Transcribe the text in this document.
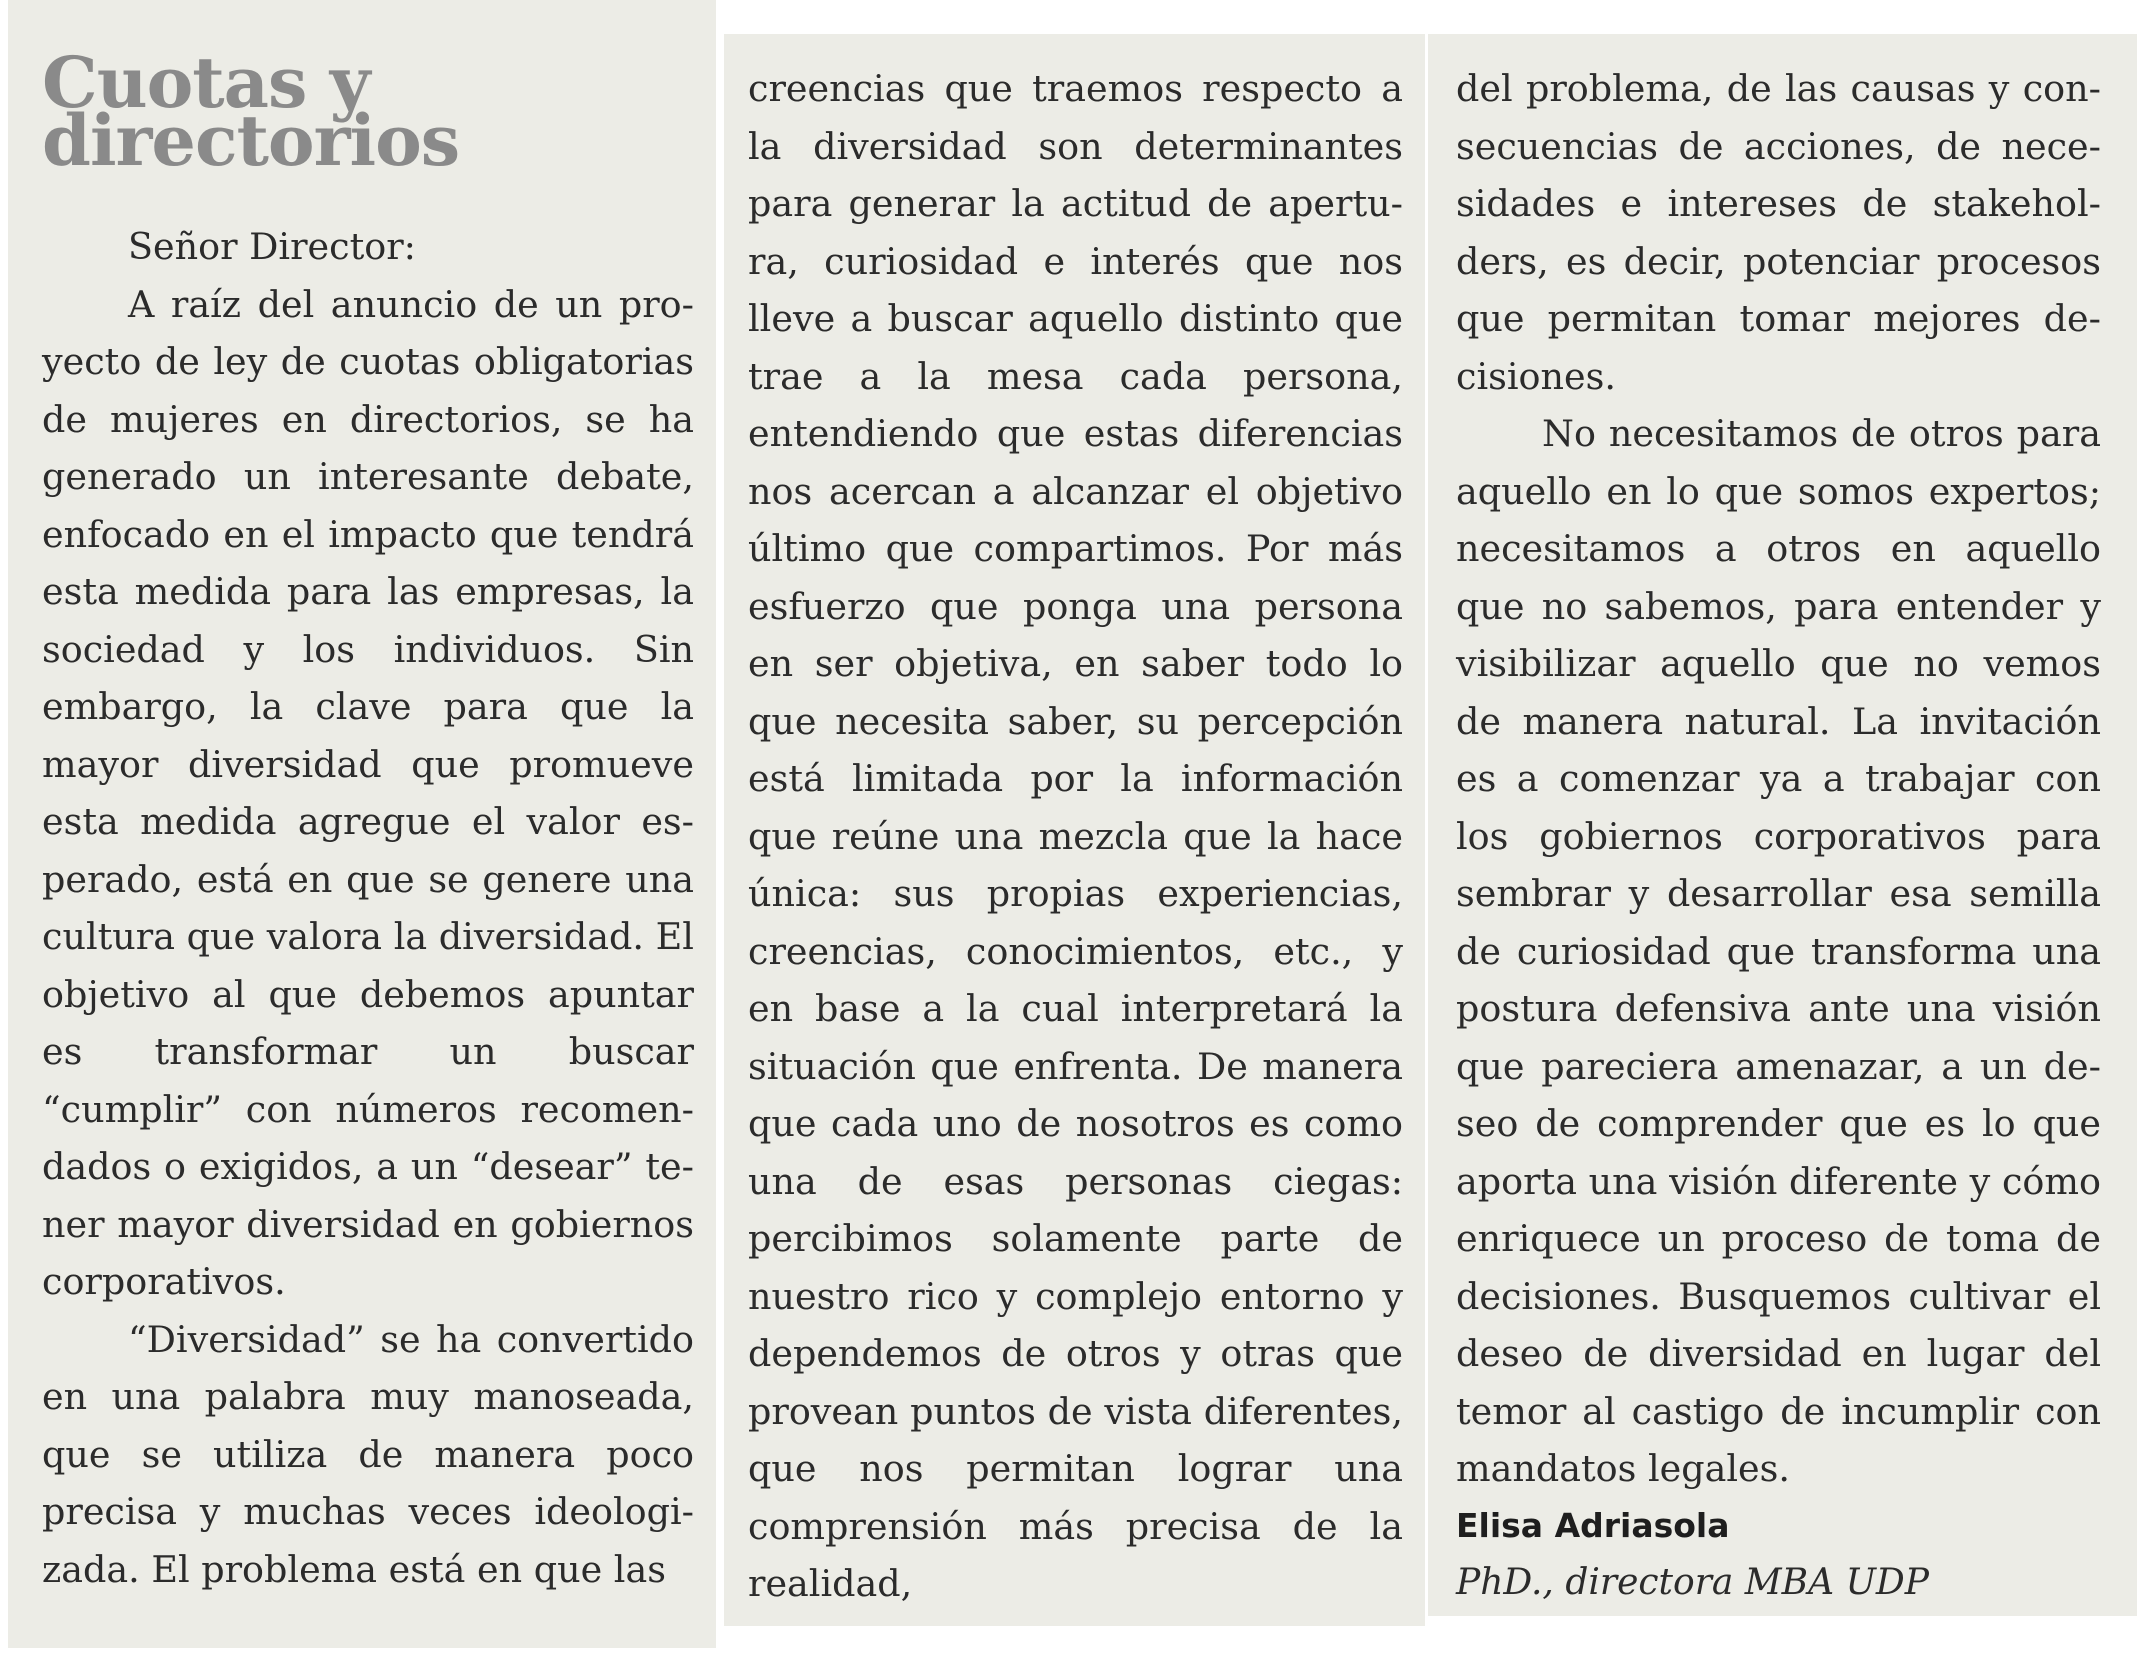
Cuotas y directorios

Señor Director:

A raíz del anuncio de un proyecto de ley de cuotas obligatorias de mujeres en directorios, se ha generado un interesante debate, enfocado en el impacto que tendrá esta medida para las empresas, la sociedad y los individuos. Sin embargo, la clave para que la mayor diversidad que promueve esta medida agregue el valor esperado, está en que se genere una cultura que valora la diversidad. El objetivo al que debemos apuntar es transformar un buscar “cumplir” con números recomendados o exigidos, a un “desear” tener mayor diversidad en gobiernos corporativos.

“Diversidad” se ha convertido en una palabra muy manoseada, que se utiliza de manera poco precisa y muchas veces ideologizada. El problema está en que las

creencias que traemos respecto a la diversidad son determinantes para generar la actitud de apertura, curiosidad e interés que nos lleve a buscar aquello distinto que trae a la mesa cada persona, entendiendo que estas diferencias nos acercan a alcanzar el objetivo último que compartimos. Por más esfuerzo que ponga una persona en ser objetiva, en saber todo lo que necesita saber, su percepción está limitada por la información que reúne una mezcla que la hace única: sus propias experiencias, creencias, conocimientos, etc., y en base a la cual interpretará la situación que enfrenta. De manera que cada uno de nosotros es como una de esas personas ciegas: percibimos solamente parte de nuestro rico y complejo entorno y dependemos de otros y otras que provean puntos de vista diferentes, que nos permitan lograr una comprensión más precisa de la realidad,

del problema, de las causas y consecuencias de acciones, de necesidades e intereses de stakeholders, es decir, potenciar procesos que permitan tomar mejores decisiones.

No necesitamos de otros para aquello en lo que somos expertos; necesitamos a otros en aquello que no sabemos, para entender y visibilizar aquello que no vemos de manera natural. La invitación es a comenzar ya a trabajar con los gobiernos corporativos para sembrar y desarrollar esa semilla de curiosidad que transforma una postura defensiva ante una visión que pareciera amenazar, a un deseo de comprender que es lo que aporta una visión diferente y cómo enriquece un proceso de toma de decisiones. Busquemos cultivar el deseo de diversidad en lugar del temor al castigo de incumplir con mandatos legales.

Elisa Adriasola

PhD., directora MBA UDP
